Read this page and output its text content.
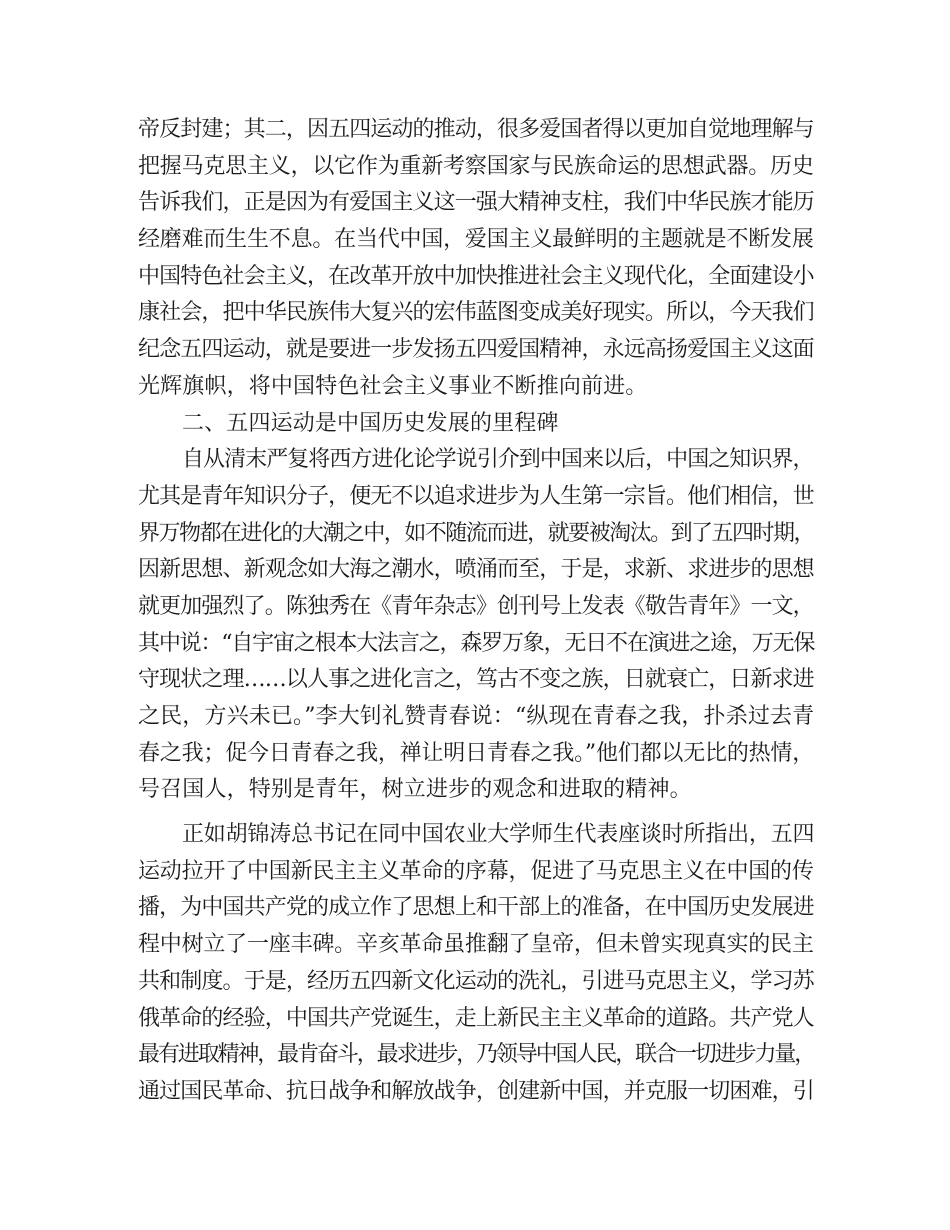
帝反封建；其二，因五四运动的推动，很多爱国者得以更加自觉地理解与
把握马克思主义，以它作为重新考察国家与民族命运的思想武器。历史
告诉我们，正是因为有爱国主义这一强大精神支柱，我们中华民族才能历
经磨难而生生不息。在当代中国，爱国主义最鲜明的主题就是不断发展
中国特色社会主义，在改革开放中加快推进社会主义现代化，全面建设小
康社会，把中华民族伟大复兴的宏伟蓝图变成美好现实。所以，今天我们
纪念五四运动，就是要进一步发扬五四爱国精神，永远高扬爱国主义这面
光辉旗帜，将中国特色社会主义事业不断推向前进。
二、五四运动是中国历史发展的里程碑
自从清末严复将西方进化论学说引介到中国来以后，中国之知识界，
尤其是青年知识分子，便无不以追求进步为人生第一宗旨。他们相信，世
界万物都在进化的大潮之中，如不随流而进，就要被淘汰。到了五四时期，
因新思想、新观念如大海之潮水，喷涌而至，于是，求新、求进步的思想
就更加强烈了。陈独秀在《青年杂志》创刊号上发表《敬告青年》一文，
其中说：“自宇宙之根本大法言之，森罗万象，无日不在演进之途，万无保
守现状之理……以人事之进化言之，笃古不变之族，日就衰亡，日新求进
之民，方兴未已。”李大钊礼赞青春说：“纵现在青春之我，扑杀过去青
春之我；促今日青春之我，禅让明日青春之我。”他们都以无比的热情，
号召国人，特别是青年，树立进步的观念和进取的精神。
正如胡锦涛总书记在同中国农业大学师生代表座谈时所指出，五四
运动拉开了中国新民主主义革命的序幕，促进了马克思主义在中国的传
播，为中国共产党的成立作了思想上和干部上的准备，在中国历史发展进
程中树立了一座丰碑。辛亥革命虽推翻了皇帝，但未曾实现真实的民主
共和制度。于是，经历五四新文化运动的洗礼，引进马克思主义，学习苏
俄革命的经验，中国共产党诞生，走上新民主主义革命的道路。共产党人
最有进取精神，最肯奋斗，最求进步，乃领导中国人民，联合一切进步力量，
通过国民革命、抗日战争和解放战争，创建新中国，并克服一切困难，引
